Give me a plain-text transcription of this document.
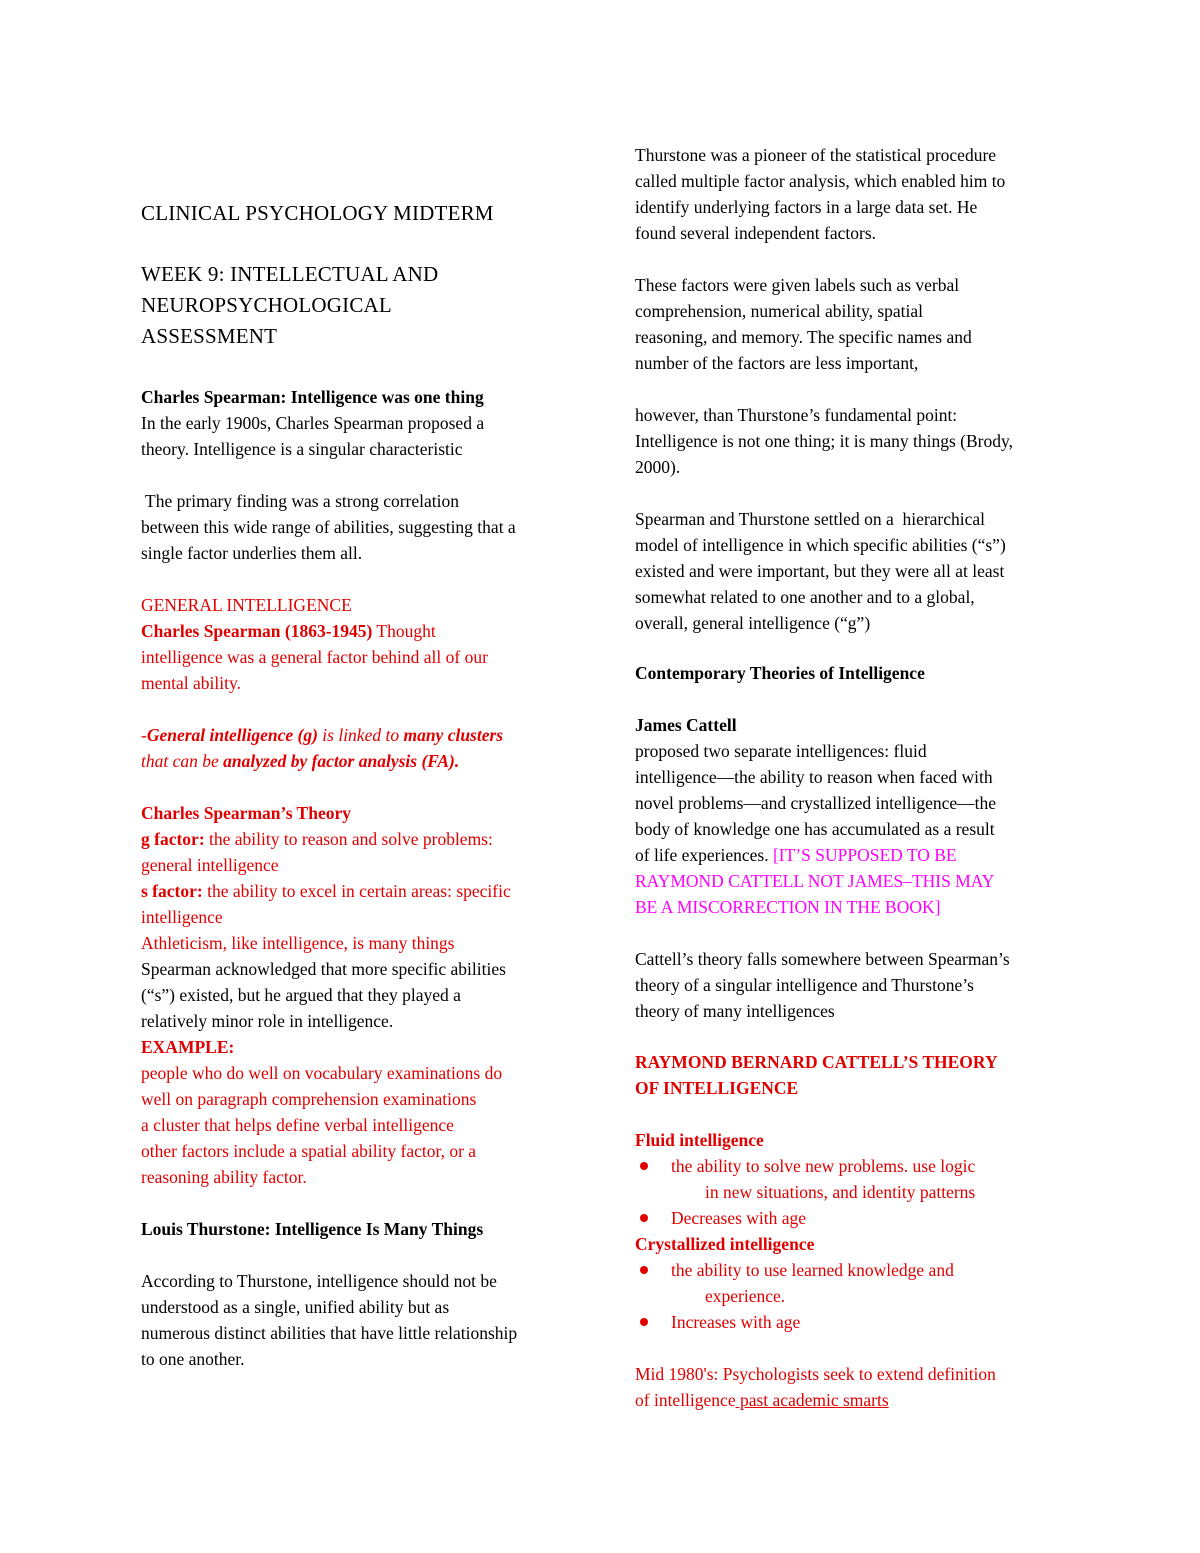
CLINICAL PSYCHOLOGY MIDTERM
WEEK 9: INTELLECTUAL AND
NEUROPSYCHOLOGICAL
ASSESSMENT
Charles Spearman: Intelligence was one thing
In the early 1900s, Charles Spearman proposed a
theory. Intelligence is a singular characteristic
The primary finding was a strong correlation
between this wide range of abilities, suggesting that a
single factor underlies them all.
GENERAL INTELLIGENCE
Charles Spearman (1863-1945) Thought
intelligence was a general factor behind all of our
mental ability.
-General intelligence (g) is linked to many clusters
that can be analyzed by factor analysis (FA).
Charles Spearman’s Theory
g factor: the ability to reason and solve problems:
general intelligence
s factor: the ability to excel in certain areas: specific
intelligence
Athleticism, like intelligence, is many things
Spearman acknowledged that more specific abilities
(“s”) existed, but he argued that they played a
relatively minor role in intelligence.
EXAMPLE:
people who do well on vocabulary examinations do
well on paragraph comprehension examinations
a cluster that helps define verbal intelligence
other factors include a spatial ability factor, or a
reasoning ability factor.
Louis Thurstone: Intelligence Is Many Things
According to Thurstone, intelligence should not be
understood as a single, unified ability but as
numerous distinct abilities that have little relationship
to one another.
Thurstone was a pioneer of the statistical procedure
called multiple factor analysis, which enabled him to
identify underlying factors in a large data set. He
found several independent factors.
These factors were given labels such as verbal
comprehension, numerical ability, spatial
reasoning, and memory. The specific names and
number of the factors are less important,
however, than Thurstone’s fundamental point:
Intelligence is not one thing; it is many things (Brody,
2000).
Spearman and Thurstone settled on a  hierarchical
model of intelligence in which specific abilities (“s”)
existed and were important, but they were all at least
somewhat related to one another and to a global,
overall, general intelligence (“g”)
Contemporary Theories of Intelligence
James Cattell
proposed two separate intelligences: fluid
intelligence—the ability to reason when faced with
novel problems—and crystallized intelligence—the
body of knowledge one has accumulated as a result
of life experiences. [IT’S SUPPOSED TO BE
RAYMOND CATTELL NOT JAMES–THIS MAY
BE A MISCORRECTION IN THE BOOK]
Cattell’s theory falls somewhere between Spearman’s
theory of a singular intelligence and Thurstone’s
theory of many intelligences
RAYMOND BERNARD CATTELL’S THEORY
OF INTELLIGENCE
Fluid intelligence
the ability to solve new problems. use logic
in new situations, and identity patterns
Decreases with age
Crystallized intelligence
the ability to use learned knowledge and
experience.
Increases with age
Mid 1980's: Psychologists seek to extend definition
of intelligence past academic smarts
